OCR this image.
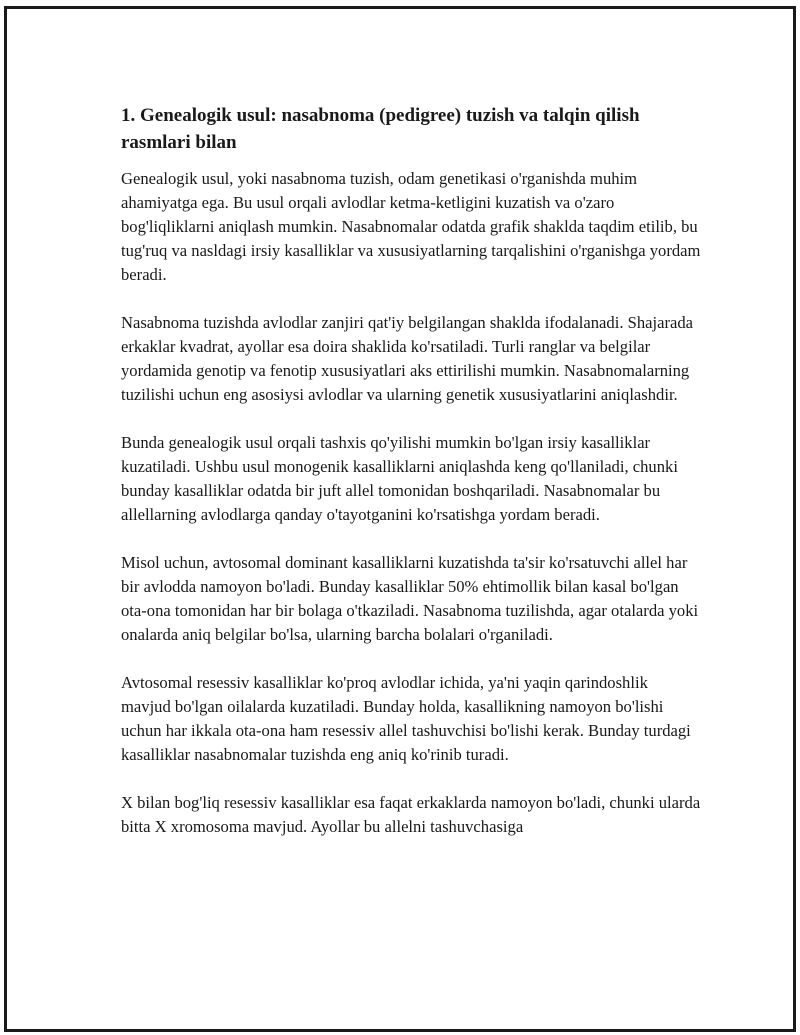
1. Genealogik usul: nasabnoma (pedigree) tuzish va talqin qilish rasmlari bilan

Genealogik usul, yoki nasabnoma tuzish, odam genetikasi o'rganishda muhim ahamiyatga ega. Bu usul orqali avlodlar ketma-ketligini kuzatish va o'zaro bog'liqliklarni aniqlash mumkin. Nasabnomalar odatda grafik shaklda taqdim etilib, bu tug'ruq va nasldagi irsiy kasalliklar va xususiyatlarning tarqalishini o'rganishga yordam beradi.

Nasabnoma tuzishda avlodlar zanjiri qat'iy belgilangan shaklda ifodalanadi. Shajarada erkaklar kvadrat, ayollar esa doira shaklida ko'rsatiladi. Turli ranglar va belgilar yordamida genotip va fenotip xususiyatlari aks ettirilishi mumkin. Nasabnomalarning tuzilishi uchun eng asosiysi avlodlar va ularning genetik xususiyatlarini aniqlashdir.

Bunda genealogik usul orqali tashxis qo'yilishi mumkin bo'lgan irsiy kasalliklar kuzatiladi. Ushbu usul monogenik kasalliklarni aniqlashda keng qo'llaniladi, chunki bunday kasalliklar odatda bir juft allel tomonidan boshqariladi. Nasabnomalar bu allellarning avlodlarga qanday o'tayotganini ko'rsatishga yordam beradi.

Misol uchun, avtosomal dominant kasalliklarni kuzatishda ta'sir ko'rsatuvchi allel har bir avlodda namoyon bo'ladi. Bunday kasalliklar 50% ehtimollik bilan kasal bo'lgan ota-ona tomonidan har bir bolaga o'tkaziladi. Nasabnoma tuzilishda, agar otalarda yoki onalarda aniq belgilar bo'lsa, ularning barcha bolalari o'rganiladi.

Avtosomal resessiv kasalliklar ko'proq avlodlar ichida, ya'ni yaqin qarindoshlik mavjud bo'lgan oilalarda kuzatiladi. Bunday holda, kasallikning namoyon bo'lishi uchun har ikkala ota-ona ham resessiv allel tashuvchisi bo'lishi kerak. Bunday turdagi kasalliklar nasabnomalar tuzishda eng aniq ko'rinib turadi.

X bilan bog'liq resessiv kasalliklar esa faqat erkaklarda namoyon bo'ladi, chunki ularda bitta X xromosoma mavjud. Ayollar bu allelni tashuvchasiga
